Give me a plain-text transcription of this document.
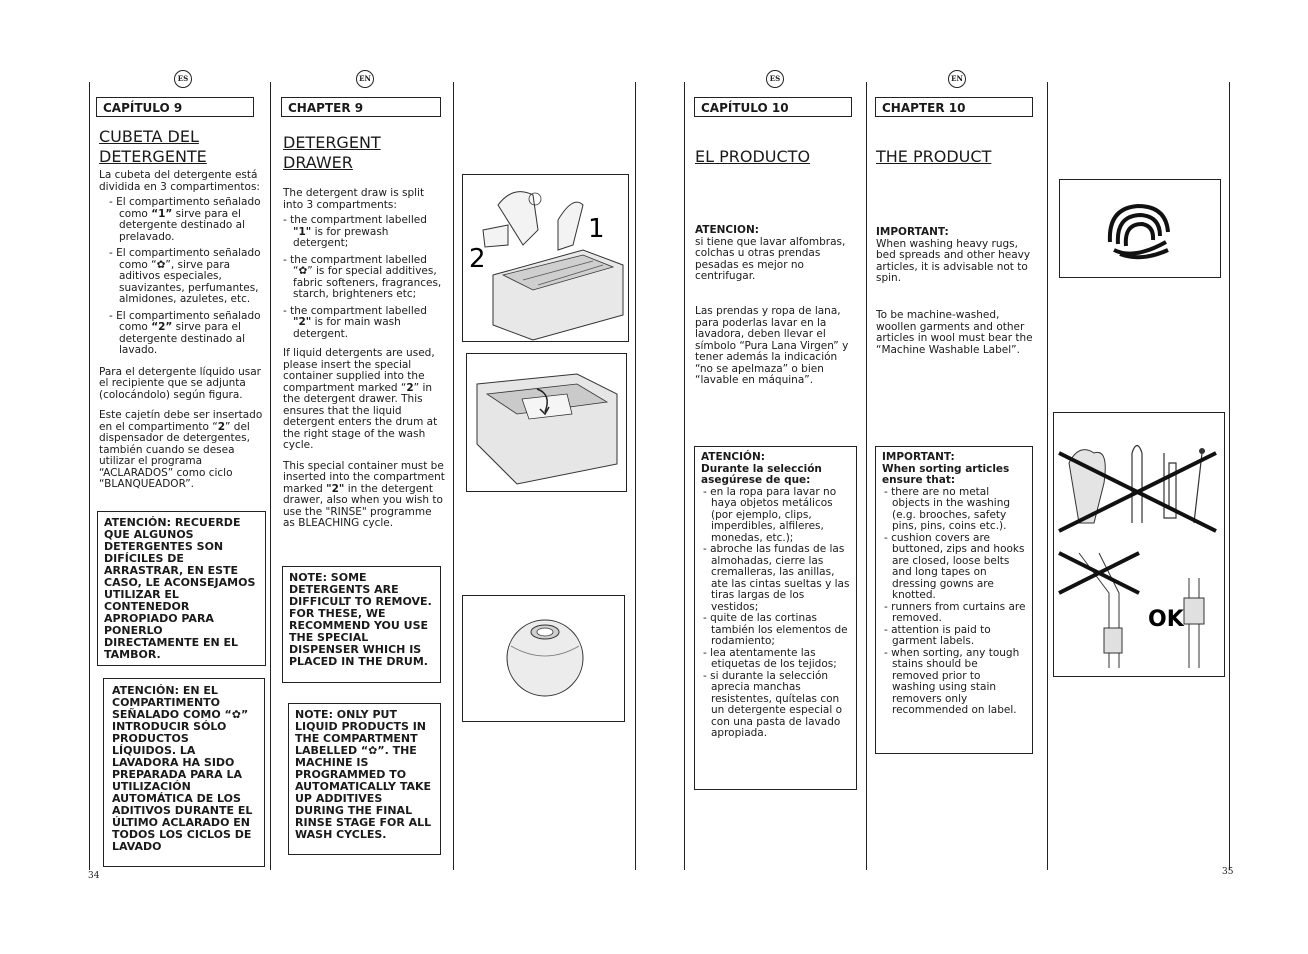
ES	EN	ES	EN
CAPÍTULO 9
CUBETA DEL
DETERGENTE

La cubeta del detergente está dividida en 3 compartimentos:

- El compartimento señalado como “1” sirve para el detergente destinado al prelavado.
- El compartimento señalado como “✿”, sirve para aditivos especiales, suavizantes, perfumantes, almidones, azuletes, etc.
- El compartimento señalado como “2” sirve para el detergente destinado al lavado.

Para el detergente líquido usar el recipiente que se adjunta (colocándolo) según figura.

Este cajetín debe ser insertado en el compartimento “2” del dispensador de detergentes, también cuando se desea utilizar el programa “ACLARADOS” como ciclo “BLANQUEADOR”.

ATENCIÓN: RECUERDE QUE ALGUNOS DETERGENTES SON DIFÍCILES DE ARRASTRAR, EN ESTE CASO, LE ACONSEJAMOS UTILIZAR EL CONTENEDOR APROPIADO PARA PONERLO DIRECTAMENTE EN EL TAMBOR.
ATENCIÓN: EN EL COMPARTIMENTO SEÑALADO COMO “✿” INTRODUCIR SÓLO PRODUCTOS LÍQUIDOS. LA LAVADORA HA SIDO PREPARADA PARA LA UTILIZACIÓN AUTOMÁTICA DE LOS ADITIVOS DURANTE EL ÚLTIMO ACLARADO EN TODOS LOS CICLOS DE LAVADO
CHAPTER 9
DETERGENT
DRAWER

The detergent draw is split into 3 compartments:

- the compartment labelled "1" is for prewash detergent;
- the compartment labelled “✿” is for special additives, fabric softeners, fragrances, starch, brighteners etc;
- the compartment labelled "2" is for main wash detergent.

If liquid detergents are used, please insert the special container supplied into the compartment marked “2” in the detergent drawer. This ensures that the liquid detergent enters the drum at the right stage of the wash cycle.

This special container must be inserted into the compartment marked "2" in the detergent drawer, also when you wish to use the "RINSE" programme as BLEACHING cycle.

NOTE: SOME DETERGENTS ARE DIFFICULT TO REMOVE. FOR THESE, WE RECOMMEND YOU USE THE SPECIAL DISPENSER WHICH IS PLACED IN THE DRUM.
NOTE: ONLY PUT LIQUID PRODUCTS IN THE COMPARTMENT LABELLED “✿”. THE MACHINE IS PROGRAMMED TO AUTOMATICALLY TAKE UP ADDITIVES DURING THE FINAL RINSE STAGE FOR ALL WASH CYCLES.
1
2
CAPÍTULO 10
EL PRODUCTO
ATENCION:

si tiene que lavar alfombras, colchas u otras prendas pesadas es mejor no centrifugar.

Las prendas y ropa de lana, para poderlas lavar en la lavadora, deben llevar el símbolo “Pura Lana Virgen” y tener además la indicación “no se apelmaza” o bien “lavable en máquina”.
ATENCIÓN:
Durante la selección asegúrese de que:
- en la ropa para lavar no haya objetos metálicos (por ejemplo, clips, imperdibles, alfileres, monedas, etc.);
- abroche las fundas de las almohadas, cierre las cremalleras, las anillas, ate las cintas sueltas y las tiras largas de los vestidos;
- quite de las cortinas también los elementos de rodamiento;
- lea atentamente las etiquetas de los tejidos;
- si durante la selección aprecia manchas resistentes, quítelas con un detergente especial o con una pasta de lavado apropiada.
CHAPTER 10
THE PRODUCT
IMPORTANT:

When washing heavy rugs, bed spreads and other heavy articles, it is advisable not to spin.

To be machine-washed, woollen garments and other articles in wool must bear the “Machine Washable Label”.
IMPORTANT:
When sorting articles ensure that:
- there are no metal objects in the washing (e.g. brooches, safety pins, pins, coins etc.).
- cushion covers are buttoned, zips and hooks are closed, loose belts and long tapes on dressing gowns are knotted.
- runners from curtains are removed.
- attention is paid to garment labels.
- when sorting, any tough stains should be removed prior to washing using stain removers only recommended on label.
OK
34	35
